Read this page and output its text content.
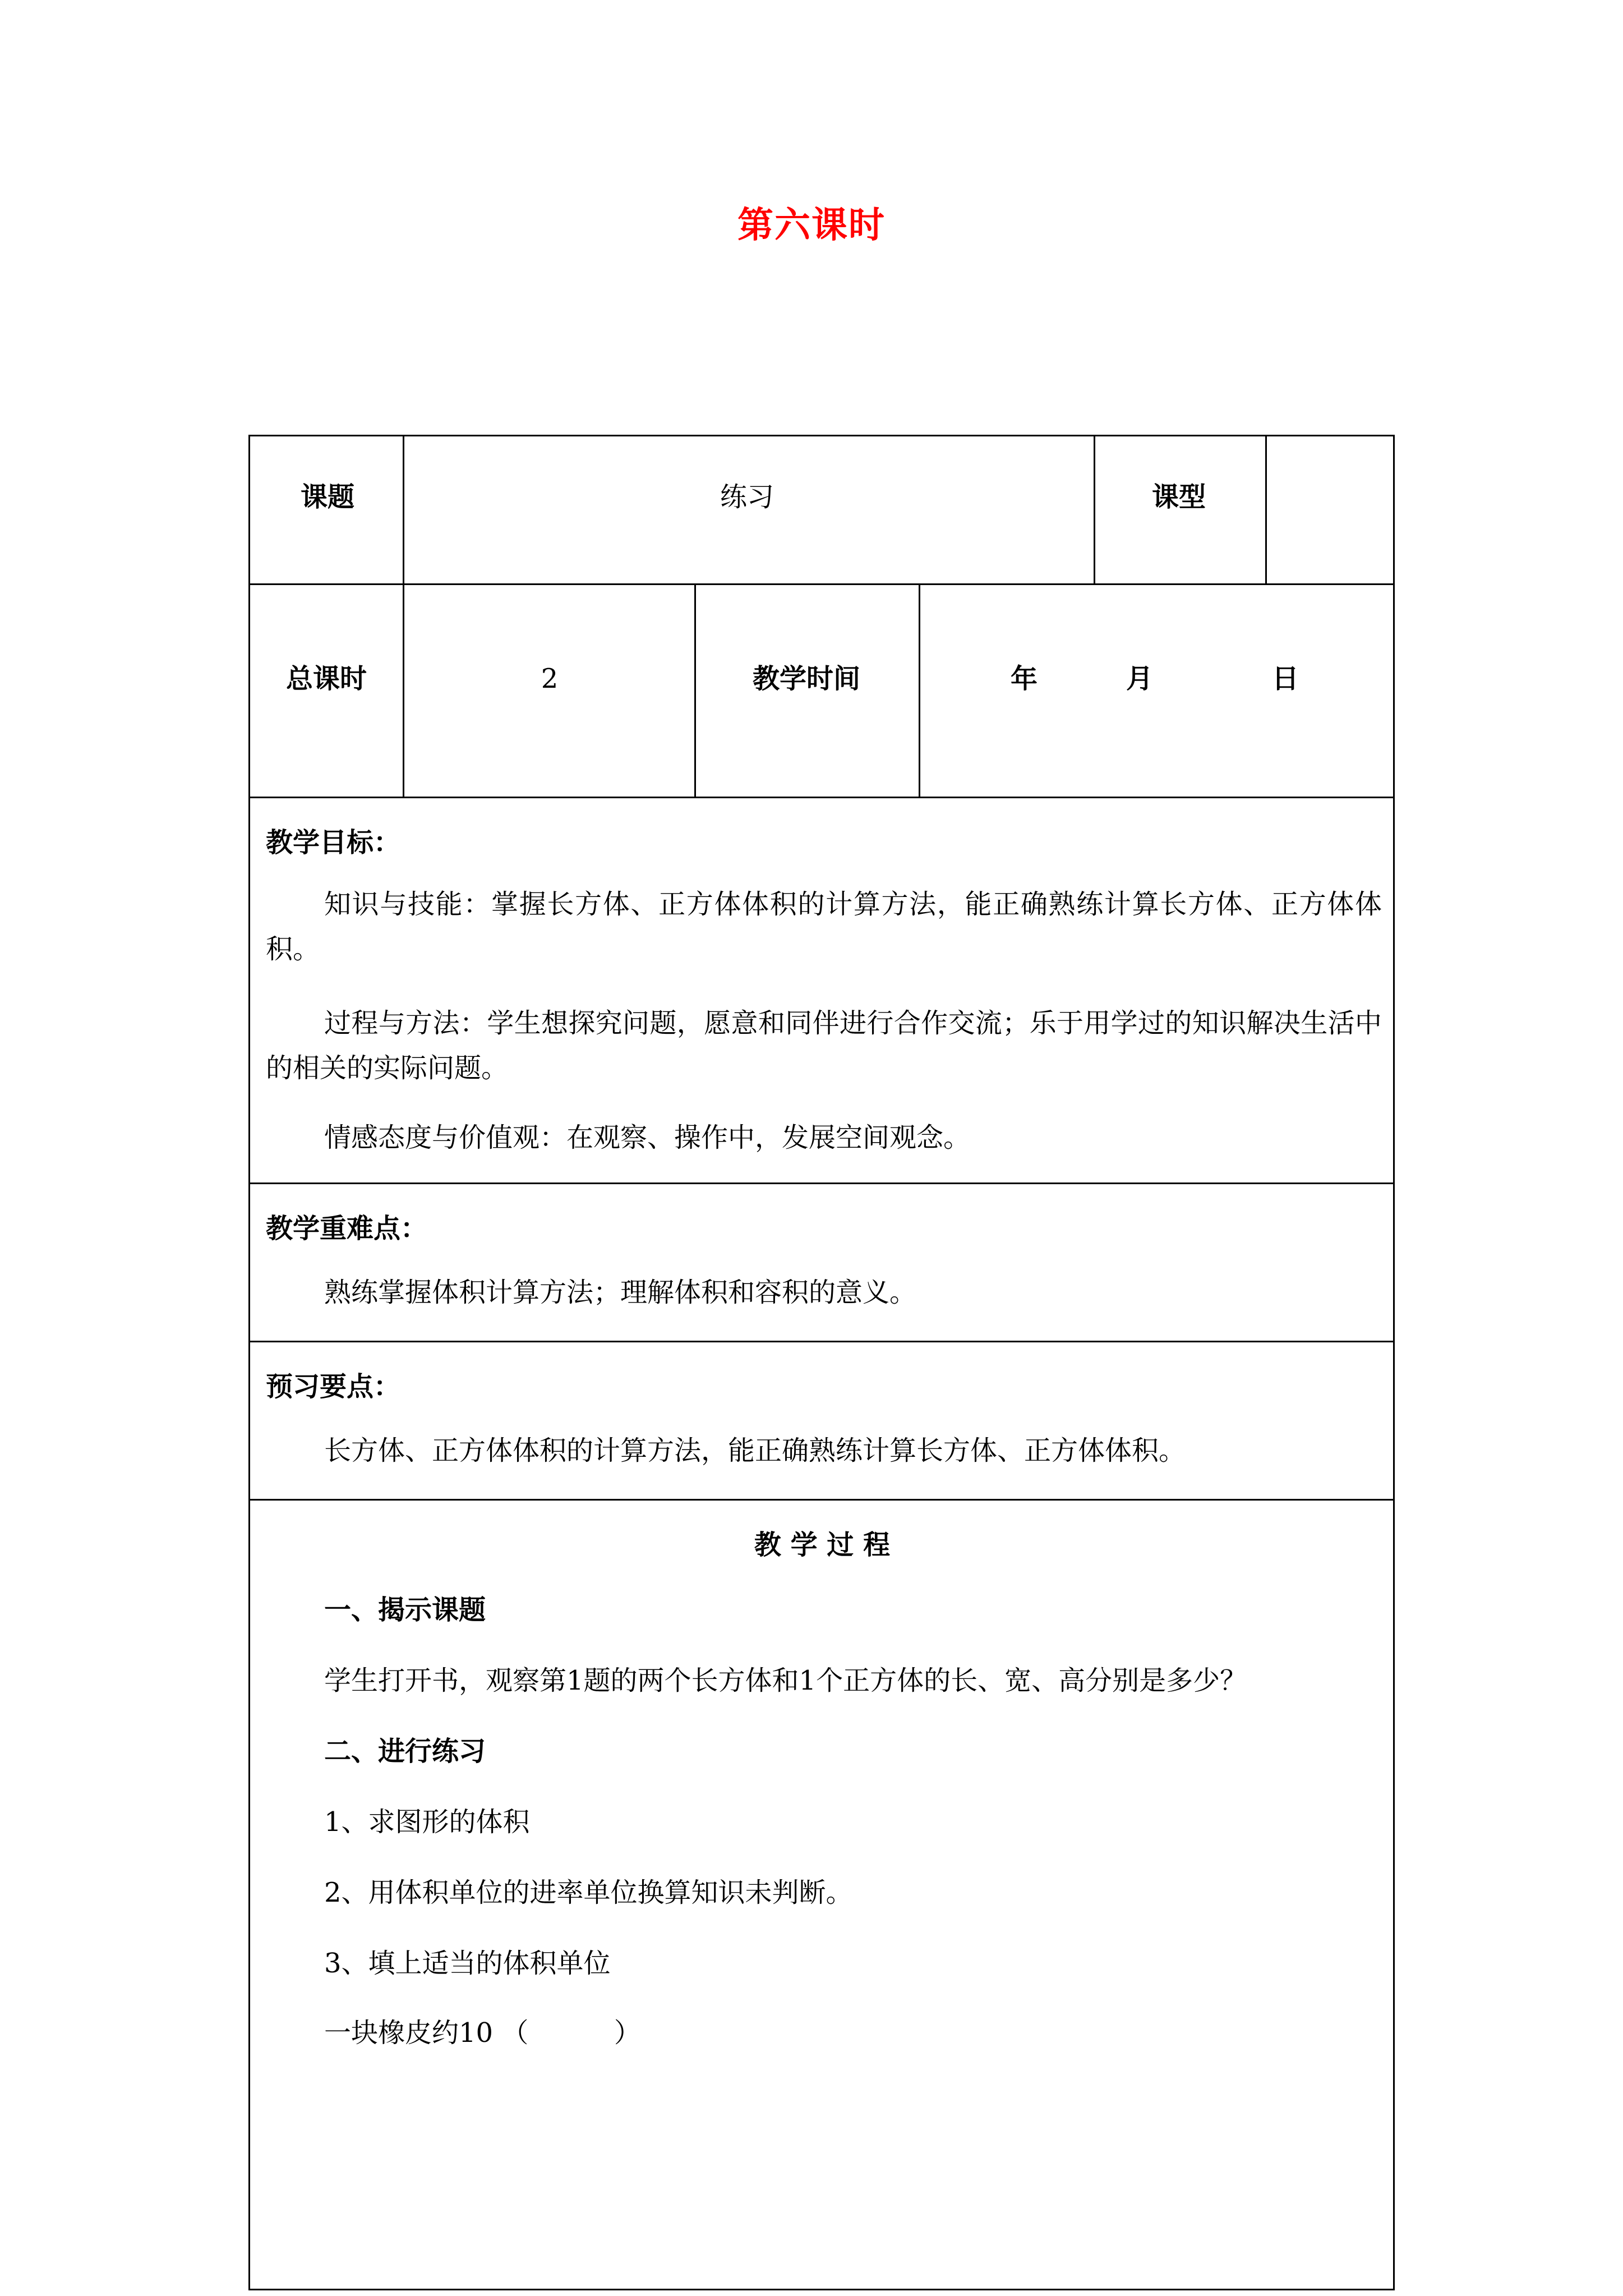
第六课时
课题	练习	课型
总课时	2	教学时间	年	月	日
教学目标：
知识与技能：掌握长方体、正方体体积的计算方法，能正确熟练计算长方体、正方体体积。
过程与方法：学生想探究问题，愿意和同伴进行合作交流；乐于用学过的知识解决生活中的相关的实际问题。
情感态度与价值观：在观察、操作中，发展空间观念。
教学重难点：
熟练掌握体积计算方法；理解体积和容积的意义。
预习要点：
长方体、正方体体积的计算方法，能正确熟练计算长方体、正方体体积。
教 学 过 程
一、揭示课题
学生打开书，观察第1题的两个长方体和1个正方体的长、宽、高分别是多少？
二、进行练习
1、求图形的体积
2、用体积单位的进率单位换算知识未判断。
3、填上适当的体积单位
一块橡皮约10 （          ）
